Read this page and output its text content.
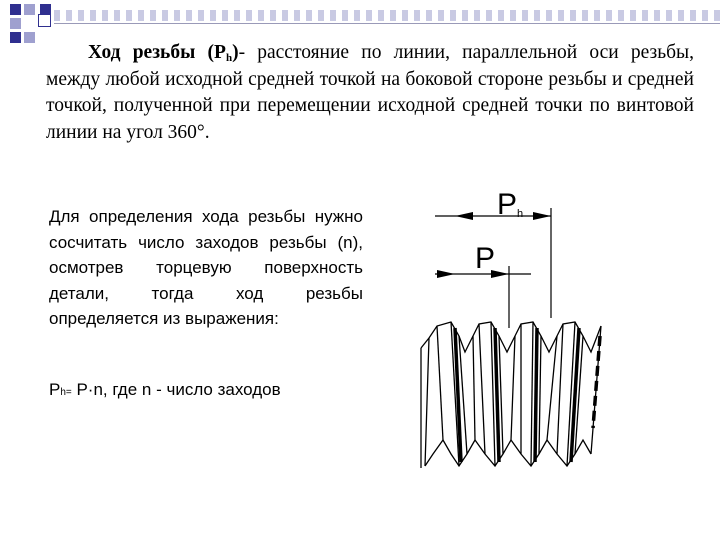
Ход резьбы $(P_h)-$ расстояние по линии, параллельной оси резьбы, между любой исходной средней точкой на боковой стороне резьбы и средней точкой, полученной при перемещении исходной средней точки по винтовой линии на угол 360°.

Для определения хода резьбы нужно сосчитать число заходов резьбы (n), осмотрев торцевую поверхность детали, тогда ход резьбы определяется из выражения:

Ph= P·n, где n - число заходов
Ph
P
